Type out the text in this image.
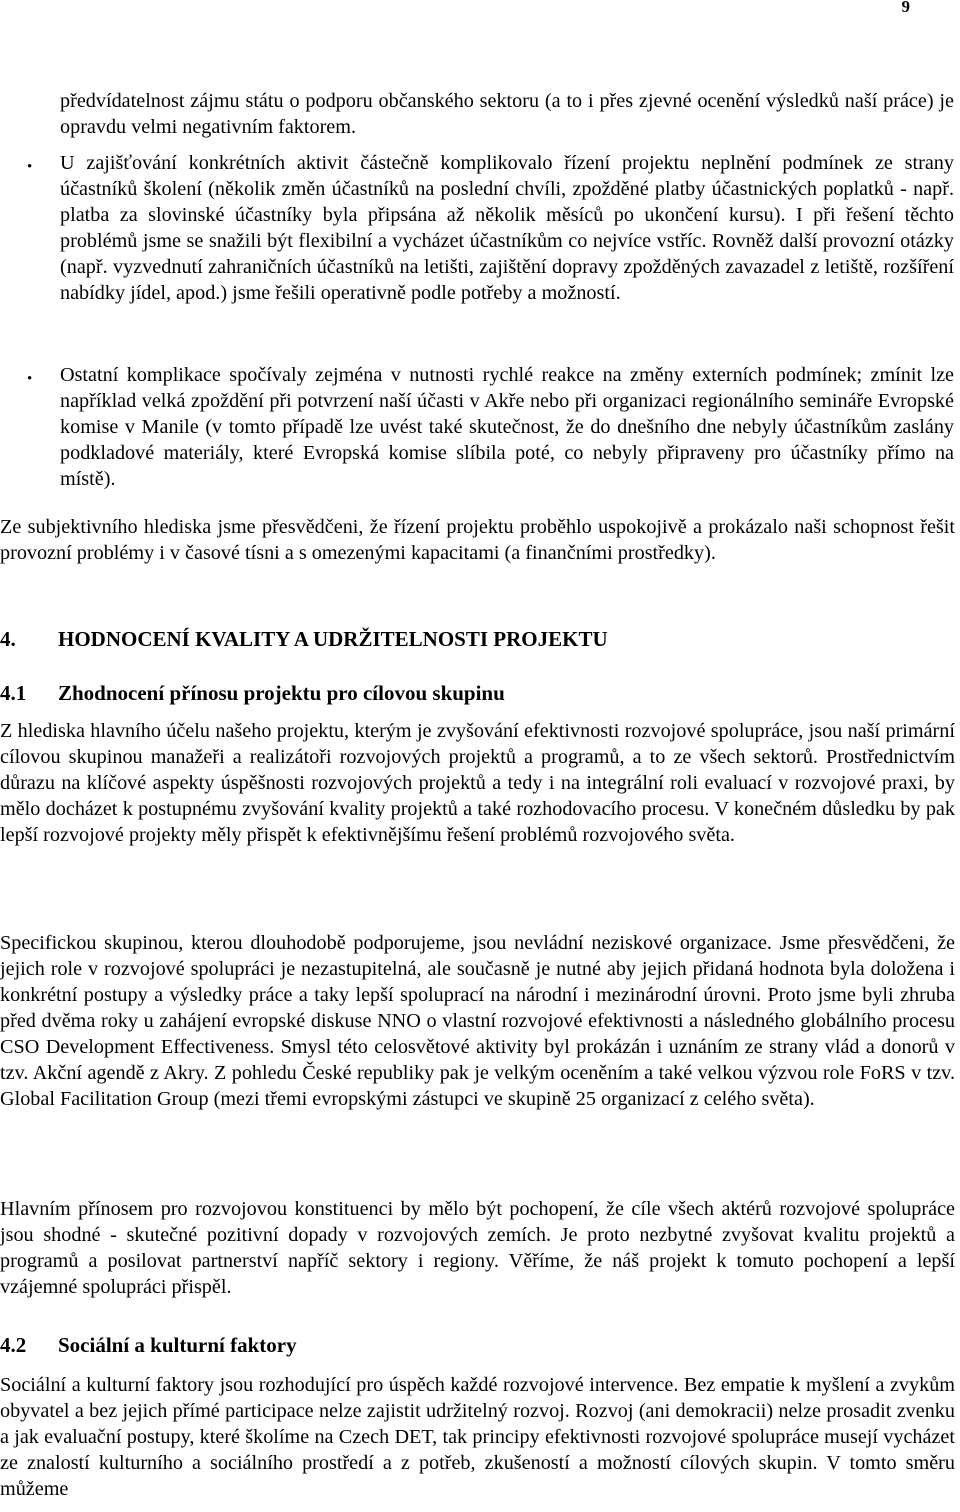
9

předvídatelnost zájmu státu o podporu občanského sektoru (a to i přes zjevné ocenění výsledků naší práce) je opravdu velmi negativním faktorem.

• U zajišťování konkrétních aktivit částečně komplikovalo řízení projektu neplnění podmínek ze strany účastníků školení (několik změn účastníků na poslední chvíli, zpožděné platby účastnických poplatků - např. platba za slovinské účastníky byla připsána až několik měsíců po ukončení kursu). I při řešení těchto problémů jsme se snažili být flexibilní a vycházet účastníkům co nejvíce vstříc. Rovněž další provozní otázky (např. vyzvednutí zahraničních účastníků na letišti, zajištění dopravy zpožděných zavazadel z letiště, rozšíření nabídky jídel, apod.) jsme řešili operativně podle potřeby a možností.

• Ostatní komplikace spočívaly zejména v nutnosti rychlé reakce na změny externích podmínek; zmínit lze například velká zpoždění při potvrzení naší účasti v Akře nebo při organizaci regionálního semináře Evropské komise v Manile (v tomto případě lze uvést také skutečnost, že do dnešního dne nebyly účastníkům zaslány podkladové materiály, které Evropská komise slíbila poté, co nebyly připraveny pro účastníky přímo na místě).

Ze subjektivního hlediska jsme přesvědčeni, že řízení projektu proběhlo uspokojivě a prokázalo naši schopnost řešit provozní problémy i v časové tísni a s omezenými kapacitami (a finančními prostředky).

4. HODNOCENÍ KVALITY A UDRŽITELNOSTI PROJEKTU
4.1 Zhodnocení přínosu projektu pro cílovou skupinu

Z hlediska hlavního účelu našeho projektu, kterým je zvyšování efektivnosti rozvojové spolupráce, jsou naší primární cílovou skupinou manažeři a realizátoři rozvojových projektů a programů, a to ze všech sektorů. Prostřednictvím důrazu na klíčové aspekty úspěšnosti rozvojových projektů a tedy i na integrální roli evaluací v rozvojové praxi, by mělo docházet k postupnému zvyšování kvality projektů a také rozhodovacího procesu. V konečném důsledku by pak lepší rozvojové projekty měly přispět k efektivnějšímu řešení problémů rozvojového světa.

Specifickou skupinou, kterou dlouhodobě podporujeme, jsou nevládní neziskové organizace. Jsme přesvědčeni, že jejich role v rozvojové spolupráci je nezastupitelná, ale současně je nutné aby jejich přidaná hodnota byla doložena i konkrétní postupy a výsledky práce a taky lepší spoluprací na národní i mezinárodní úrovni. Proto jsme byli zhruba před dvěma roky u zahájení evropské diskuse NNO o vlastní rozvojové efektivnosti a následného globálního procesu CSO Development Effectiveness. Smysl této celosvětové aktivity byl prokázán i uznáním ze strany vlád a donorů v tzv. Akční agendě z Akry. Z pohledu České republiky pak je velkým oceněním a také velkou výzvou role FoRS v tzv. Global Facilitation Group (mezi třemi evropskými zástupci ve skupině 25 organizací z celého světa).

Hlavním přínosem pro rozvojovou konstituenci by mělo být pochopení, že cíle všech aktérů rozvojové spolupráce jsou shodné - skutečné pozitivní dopady v rozvojových zemích. Je proto nezbytné zvyšovat kvalitu projektů a programů a posilovat partnerství napříč sektory i regiony. Věříme, že náš projekt k tomuto pochopení a lepší vzájemné spolupráci přispěl.

4.2 Sociální a kulturní faktory

Sociální a kulturní faktory jsou rozhodující pro úspěch každé rozvojové intervence. Bez empatie k myšlení a zvykům obyvatel a bez jejich přímé participace nelze zajistit udržitelný rozvoj. Rozvoj (ani demokracii) nelze prosadit zvenku a jak evaluační postupy, které školíme na Czech DET, tak principy efektivnosti rozvojové spolupráce musejí vycházet ze znalostí kulturního a sociálního prostředí a z potřeb, zkušeností a možností cílových skupin. V tomto směru můžeme
